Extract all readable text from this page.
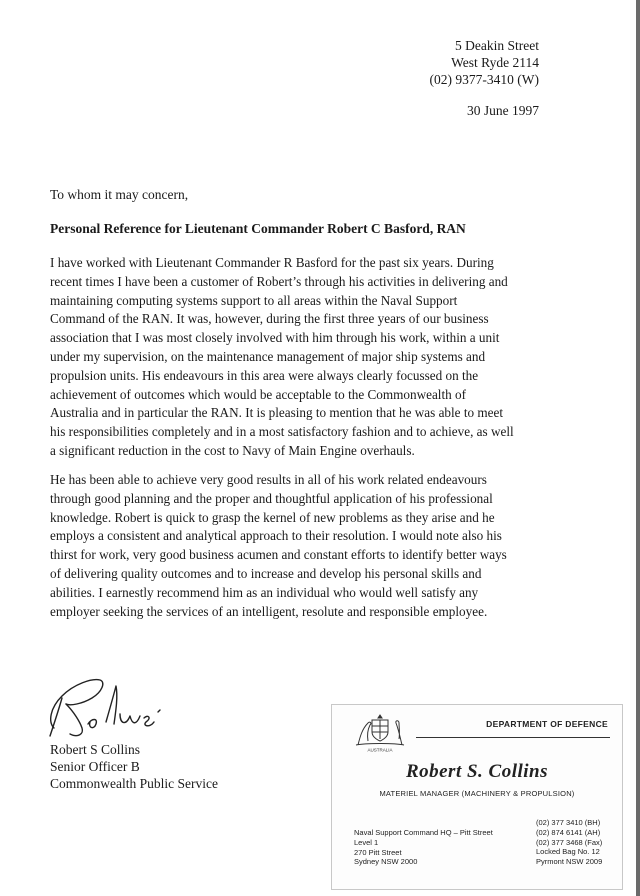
5 Deakin Street
West Ryde 2114
(02) 9377-3410 (W)
30 June 1997
To whom it may concern,
Personal Reference for Lieutenant Commander Robert C Basford, RAN
I have worked with Lieutenant Commander R Basford for the past six years. During
recent times I have been a customer of Robert’s through his activities in delivering and
maintaining computing systems support to all areas within the Naval Support
Command of the RAN. It was, however, during the first three years of our business
association that I was most closely involved with him through his work, within a unit
under my supervision, on the maintenance management of major ship systems and
propulsion units. His endeavours in this area were always clearly focussed on the
achievement of outcomes which would be acceptable to the Commonwealth of
Australia and in particular the RAN. It is pleasing to mention that he was able to meet
his responsibilities completely and in a most satisfactory fashion and to achieve, as well
a significant reduction in the cost to Navy of Main Engine overhauls.
He has been able to achieve very good results in all of his work related endeavours
through good planning and the proper and thoughtful application of his professional
knowledge. Robert is quick to grasp the kernel of new problems as they arise and he
employs a consistent and analytical approach to their resolution. I would note also his
thirst for work, very good business acumen and constant efforts to identify better ways
of delivering quality outcomes and to increase and develop his personal skills and
abilities. I earnestly recommend him as an individual who would well satisfy any
employer seeking the services of an intelligent, resolute and responsible employee.
Robert S Collins
Senior Officer B
Commonwealth Public Service
AUSTRALIA
DEPARTMENT OF DEFENCE
Robert S. Collins
MATERIEL MANAGER (MACHINERY & PROPULSION)
Naval Support Command HQ – Pitt Street
Level 1
270 Pitt Street
Sydney NSW 2000
(02) 377 3410 (BH)
(02) 874 6141 (AH)
(02) 377 3468 (Fax)
Locked Bag No. 12
Pyrmont NSW 2009
